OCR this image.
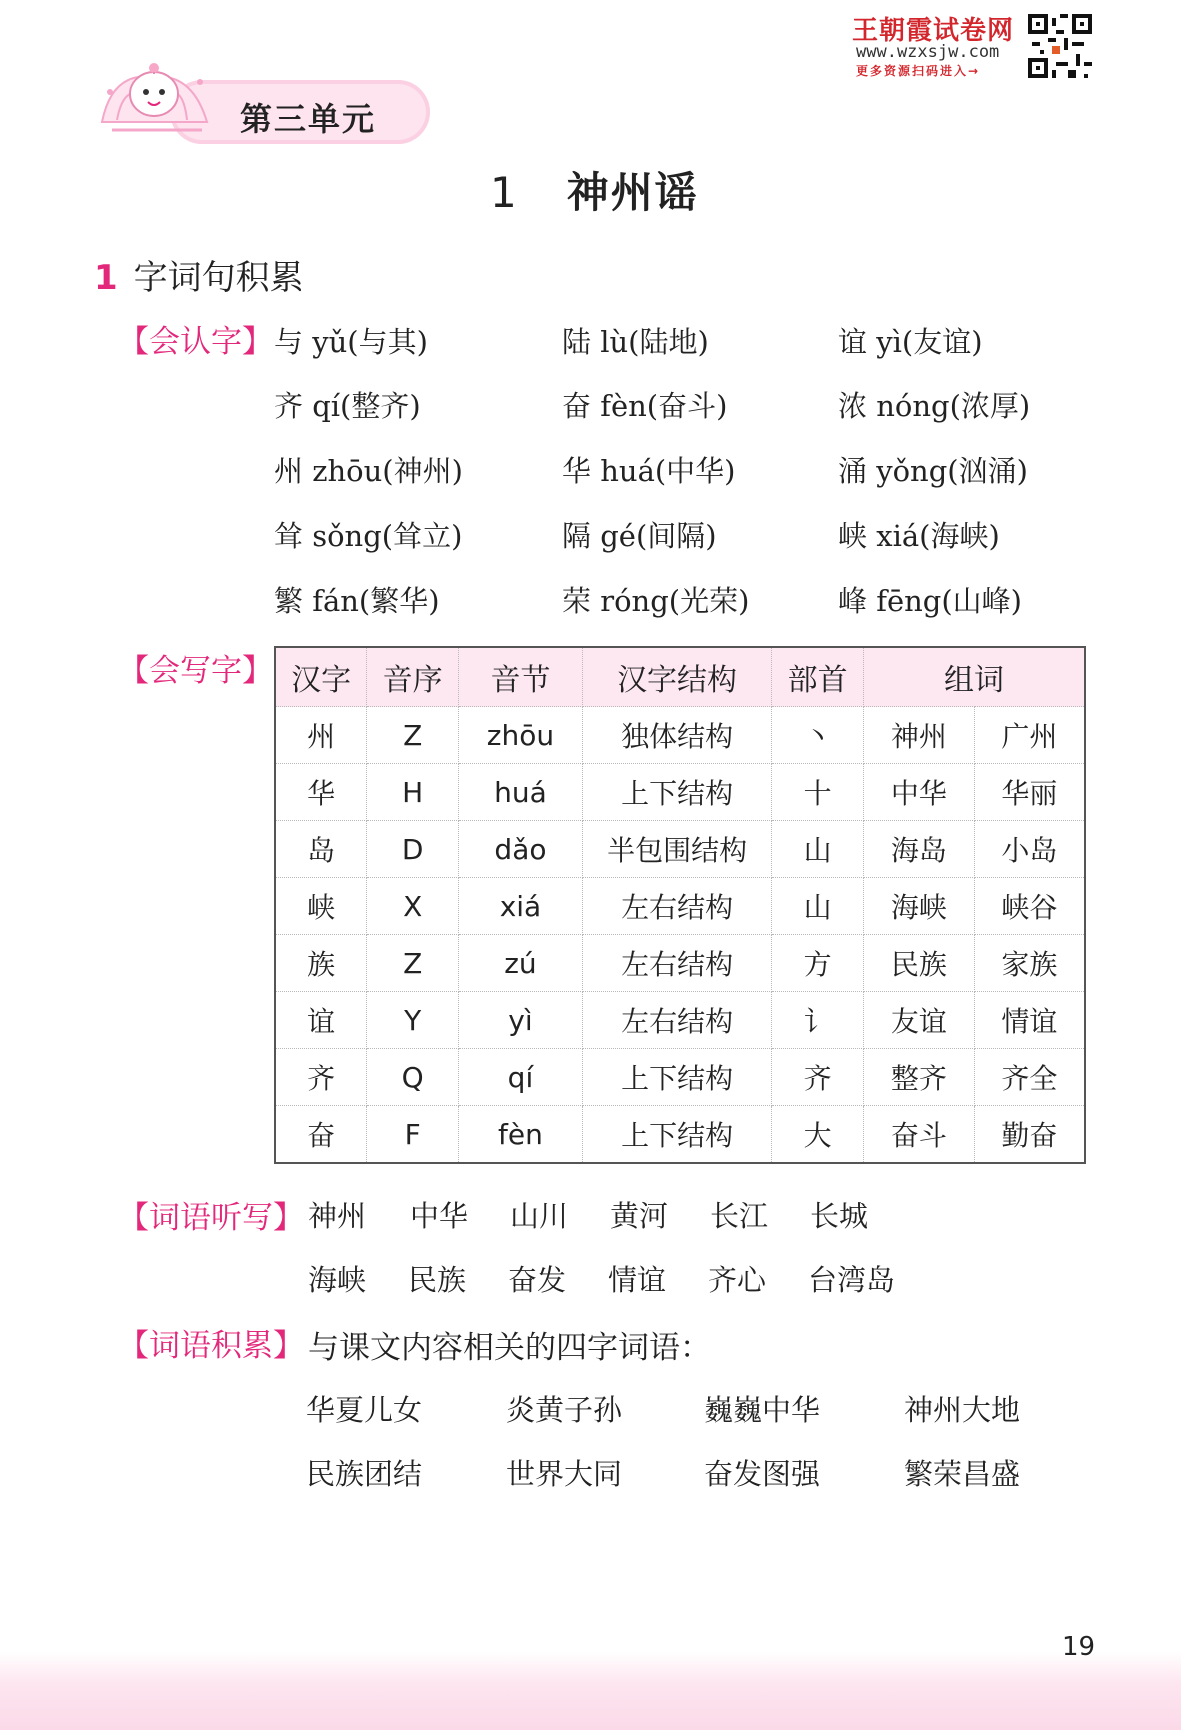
王朝霞试卷网
www.wzxsjw.com
更多资源扫码进入→
第三单元
1 神州谣
1 字词句积累
【会认字】 与 yǔ(与其)	陆 lù(陆地)	谊 yì(友谊)
齐 qí(整齐)	奋 fèn(奋斗)	浓 nóng(浓厚)
州 zhōu(神州)	华 huá(中华)	涌 yǒng(汹涌)
耸 sǒng(耸立)	隔 gé(间隔)	峡 xiá(海峡)
繁 fán(繁华)	荣 róng(光荣)	峰 fēng(山峰)
【会写字】 汉字	音序	音节	汉字结构	部首	组词	
州	Z	zhōu	独体结构	丶	神州	广州
华	H	huá	上下结构	十	中华	华丽
岛	D	dǎo	半包围结构	山	海岛	小岛
峡	X	xiá	左右结构	山	海峡	峡谷
族	Z	zú	左右结构	方	民族	家族
谊	Y	yì	左右结构	讠	友谊	情谊
齐	Q	qí	上下结构	齐	整齐	齐全
奋	F	fèn	上下结构	大	奋斗	勤奋
【词语听写】 神州 中华 山川 黄河 长江 长城
海峡 民族 奋发 情谊 齐心 台湾岛
【词语积累】 与课文内容相关的四字词语：
华夏儿女	炎黄子孙	巍巍中华	神州大地
民族团结	世界大同	奋发图强	繁荣昌盛
19
